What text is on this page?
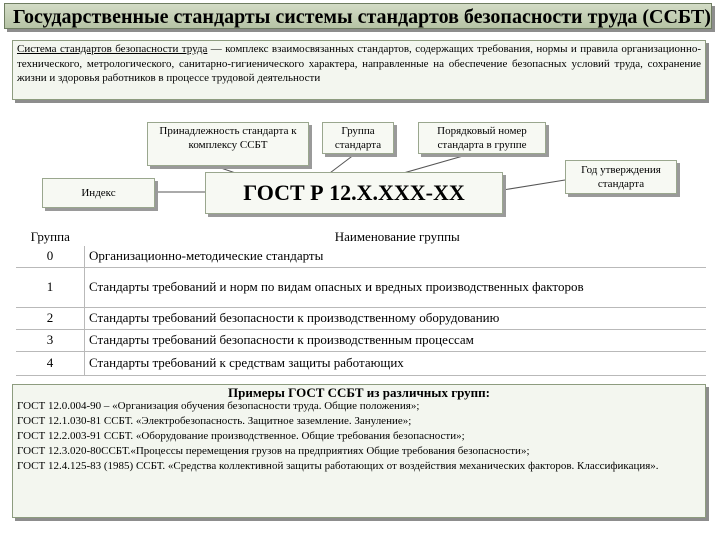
Государственные стандарты системы стандартов безопасности труда (ССБТ)
Система стандартов безопасности труда — комплекс взаимосвязанных стандартов, содержащих требования, нормы и правила организационно-технического, метрологического, санитарно-гигиенического характера, направленные на обеспечение безопасных условий труда, сохранение жизни и здоровья работников в процессе трудовой деятельности
Индекс
Принадлежность стандарта к комплексу ССБТ
Группа стандарта
Порядковый номер стандарта в группе
Год утверждения стандарта
ГОСТ Р 12.X.XXX-XX
Группа	Наименование группы
0	Организационно-методические стандарты
1	Стандарты требований и норм по видам опасных и вредных производственных факторов
2	Стандарты требований безопасности к производственному оборудованию
3	Стандарты требований безопасности к производственным процессам
4	Стандарты требований к средствам защиты работающих
Примеры ГОСТ ССБТ из различных групп:
ГОСТ 12.0.004-90 – «Организация обучения безопасности труда. Общие положения»;
ГОСТ 12.1.030-81 ССБТ. «Электробезопасность. Защитное заземление. Зануление»;
ГОСТ 12.2.003-91 ССБТ. «Оборудование производственное. Общие требования безопасности»;
ГОСТ 12.3.020-80ССБТ.«Процессы перемещения грузов на предприятиях Общие требования безопасности»;
ГОСТ 12.4.125-83 (1985) ССБТ. «Средства коллективной защиты работающих от воздействия механических факторов. Классификация».
